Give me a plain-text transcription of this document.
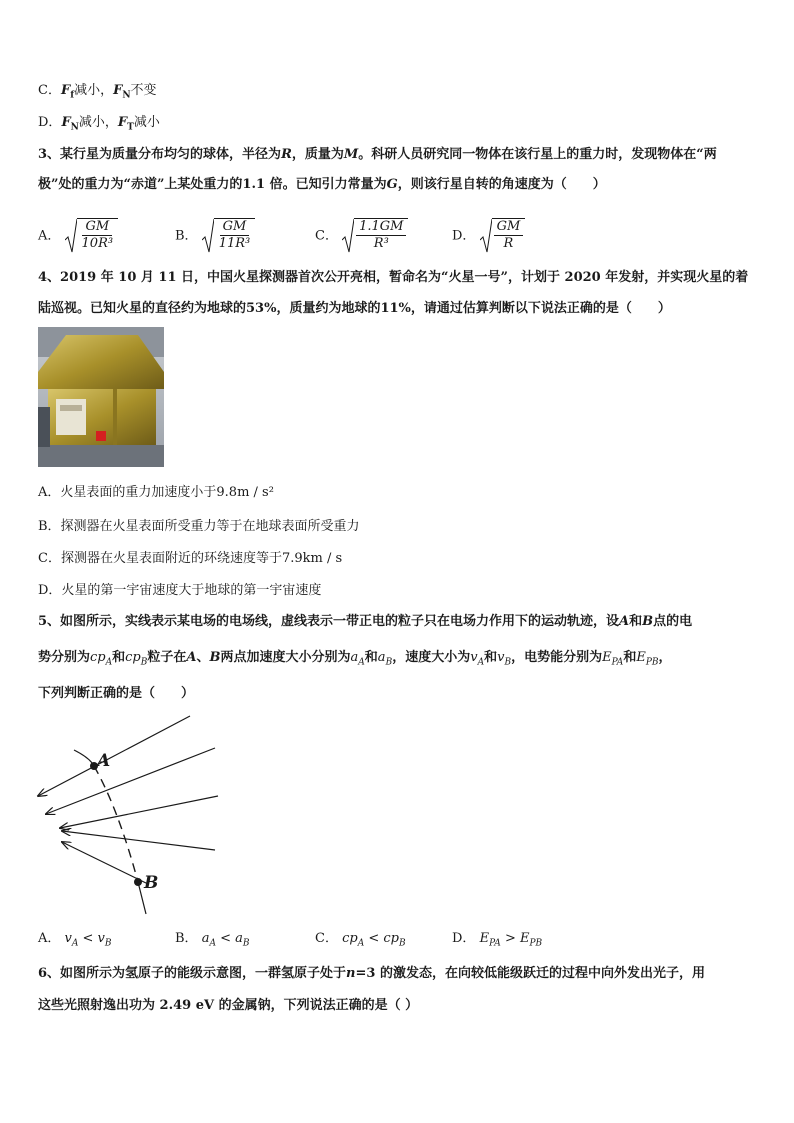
C．$F_f$减小，$F_N$不变
D．$F_N$减小，$F_T$减小
3、某行星为质量分布均匀的球体，半径为R，质量为M。科研人员研究同一物体在该行星上的重力时，发现物体在“两
极”处的重力为“赤道”上某处重力的1.1 倍。已知引力常量为G，则该行星自转的角速度为（　　）
A． $\frac{GM}{\text{10R³}}$	B． $\frac{GM}{\text{11R³}}$	C． $\frac{1.1GM}{\text{R³}}$	D． $\frac{GM}{R}$
4、2019 年 10 月 11 日，中国火星探测器首次公开亮相，暂命名为“火星一号”，计划于 2020 年发射，并实现火星的着
陆巡视。已知火星的直径约为地球的53%，质量约为地球的11%，请通过估算判断以下说法正确的是（　　）
A．火星表面的重力加速度小于9.8m / s²
B．探测器在火星表面所受重力等于在地球表面所受重力
C．探测器在火星表面附近的环绕速度等于7.9km / s
D．火星的第一宇宙速度大于地球的第一宇宙速度
5、如图所示，实线表示某电场的电场线，虚线表示一带正电的粒子只在电场力作用下的运动轨迹，设A和B点的电
势分别为$cp_A$和$cp_B$粒子在A、B两点加速度大小分别为$a_A$和$a_B$，速度大小为$v_A$和$v_B$，电势能分别为$E_{PA}$和$E_{PB}$，
下列判断正确的是（　　）
A
B
A． $v_A < v_B$	B． $a_A < a_B$	C． $cp_A < cp_B$	D． $E_{PA} > E_{PB}$
6、如图所示为氢原子的能级示意图，一群氢原子处于n=3 的激发态，在向较低能级跃迁的过程中向外发出光子，用
这些光照射逸出功为 2.49 eV 的金属钠，下列说法正确的是（ ）
